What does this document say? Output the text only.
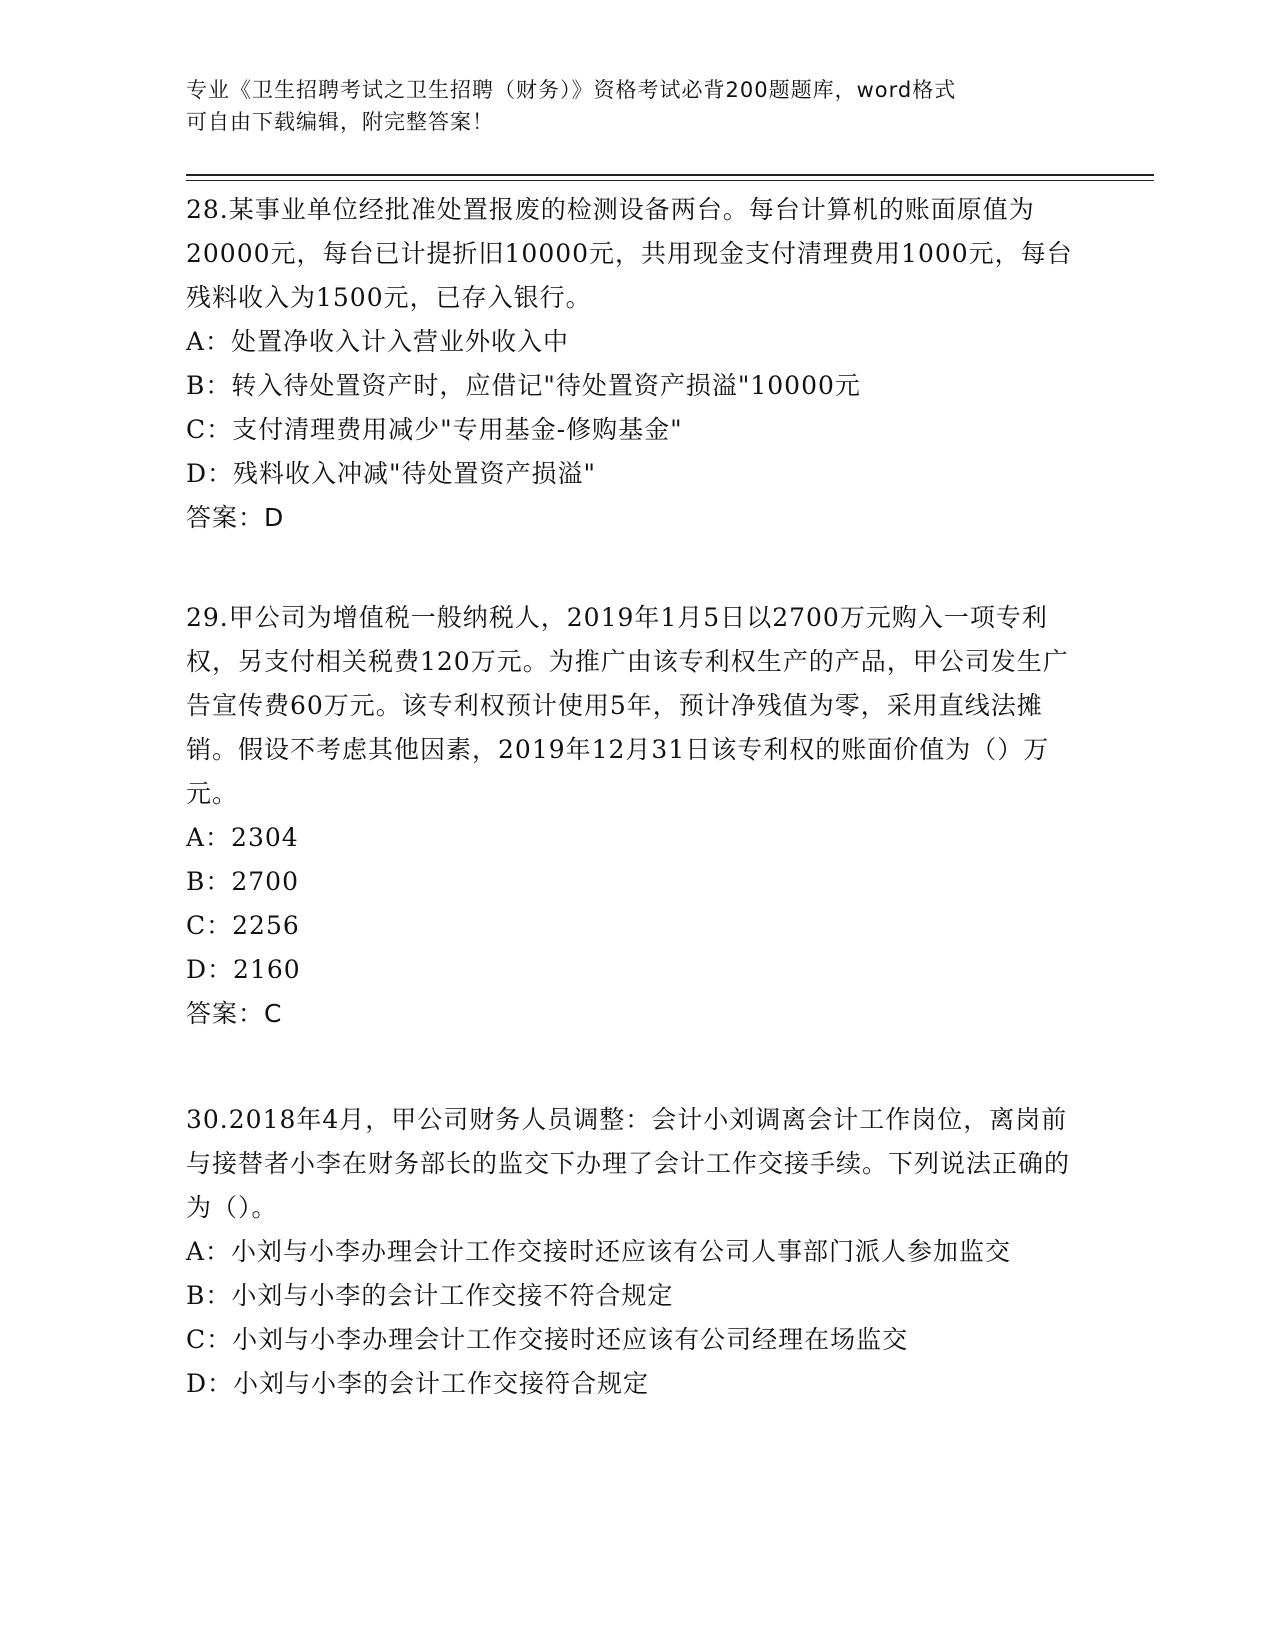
专业《卫生招聘考试之卫生招聘（财务）》资格考试必背200题题库，word格式
可自由下载编辑，附完整答案！
28.某事业单位经批准处置报废的检测设备两台。每台计算机的账面原值为20000元，每台已计提折旧10000元，共用现金支付清理费用1000元，每台残料收入为1500元，已存入银行。
A：处置净收入计入营业外收入中
B：转入待处置资产时，应借记"待处置资产损溢"10000元
C：支付清理费用减少"专用基金-修购基金"
D：残料收入冲减"待处置资产损溢"
答案：D
29.甲公司为增值税一般纳税人，2019年1月5日以2700万元购入一项专利权，另支付相关税费120万元。为推广由该专利权生产的产品，甲公司发生广告宣传费60万元。该专利权预计使用5年，预计净残值为零，采用直线法摊销。假设不考虑其他因素，2019年12月31日该专利权的账面价值为（）万元。
A：2304
B：2700
C：2256
D：2160
答案：C
30.2018年4月，甲公司财务人员调整：会计小刘调离会计工作岗位，离岗前与接替者小李在财务部长的监交下办理了会计工作交接手续。下列说法正确的为（）。
A：小刘与小李办理会计工作交接时还应该有公司人事部门派人参加监交
B：小刘与小李的会计工作交接不符合规定
C：小刘与小李办理会计工作交接时还应该有公司经理在场监交
D：小刘与小李的会计工作交接符合规定
